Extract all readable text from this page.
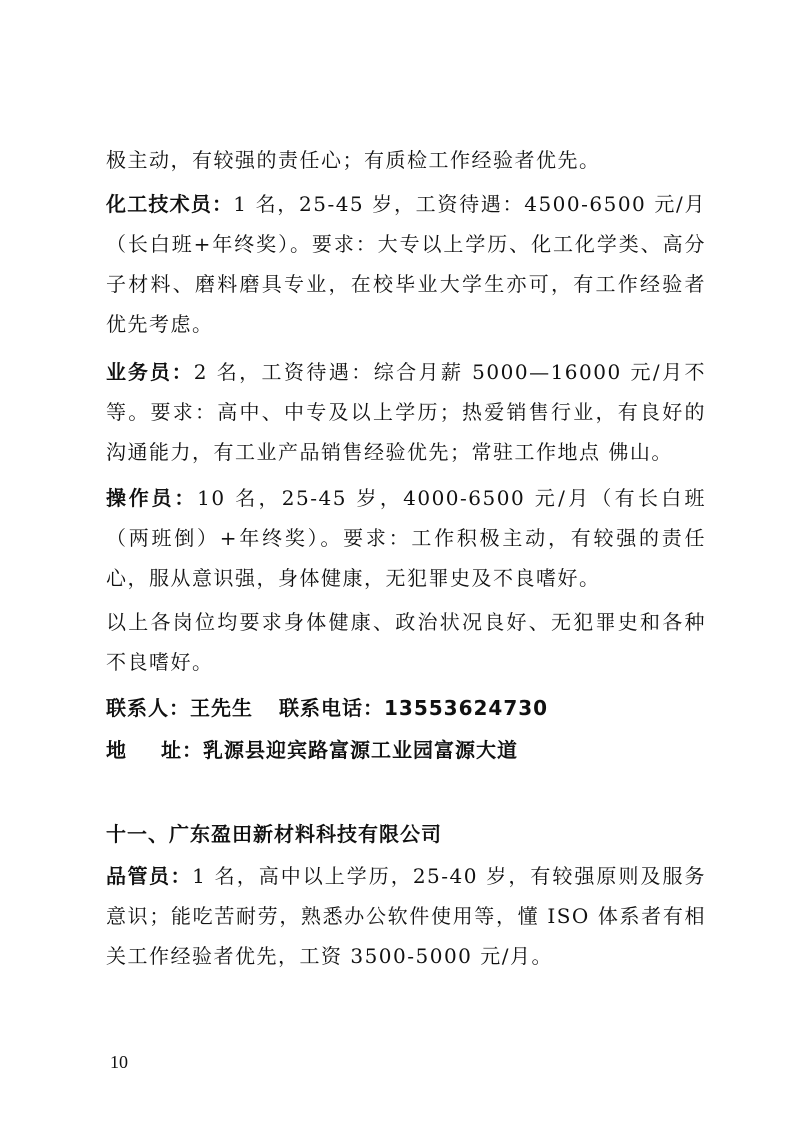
极主动，有较强的责任心；有质检工作经验者优先。
化工技术员：1 名，25-45 岁，工资待遇：4500-6500 元/月 （长白班+年终奖）。要求：大专以上学历、化工化学类、高分子材料、磨料磨具专业，在校毕业大学生亦可，有工作经验者优先考虑。
业务员：2 名，工资待遇：综合月薪 5000—16000 元/月不等。要求：高中、中专及以上学历；热爱销售行业，有良好的沟通能力，有工业产品销售经验优先；常驻工作地点 佛山。
操作员：10 名，25-45 岁，4000-6500 元/月（有长白班（两班倒）+年终奖）。要求：工作积极主动，有较强的责任心，服从意识强，身体健康，无犯罪史及不良嗜好。
以上各岗位均要求身体健康、政治状况良好、无犯罪史和各种不良嗜好。
联系人：王先生 联系电话：13553624730
地 址：乳源县迎宾路富源工业园富源大道
十一、广东盈田新材料科技有限公司
品管员：1 名，高中以上学历，25-40 岁，有较强原则及服务意识；能吃苦耐劳，熟悉办公软件使用等，懂 ISO 体系者有相关工作经验者优先，工资 3500-5000 元/月。
10
